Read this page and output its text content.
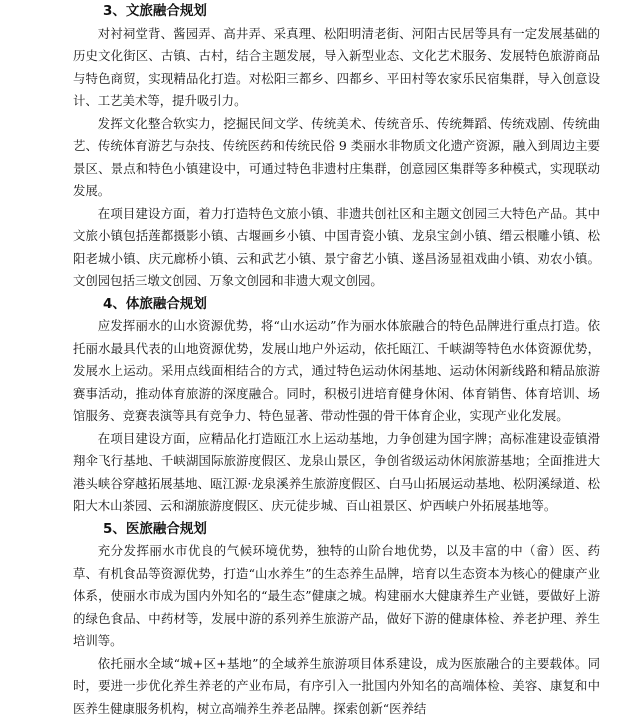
3、文旅融合规划

对衬祠堂背、酱园弄、高井弄、采真理、松阳明清老街、河阳古民居等具有一定发展基础的历史文化街区、古镇、古村，结合主题发展，导入新型业态、文化艺术服务、发展特色旅游商品与特色商贸，实现精品化打造。对松阳三都乡、四都乡、平田村等农家乐民宿集群，导入创意设计、工艺美术等，提升吸引力。

发挥文化整合软实力，挖掘民间文学、传统美术、传统音乐、传统舞蹈、传统戏剧、传统曲艺、传统体育游艺与杂技、传统医药和传统民俗 9 类丽水非物质文化遗产资源，融入到周边主要景区、景点和特色小镇建设中，可通过特色非遗村庄集群，创意园区集群等多种模式，实现联动发展。

在项目建设方面，着力打造特色文旅小镇、非遗共创社区和主题文创园三大特色产品。其中文旅小镇包括莲都摄影小镇、古堰画乡小镇、中国青瓷小镇、龙泉宝剑小镇、缙云根雕小镇、松阳老城小镇、庆元廊桥小镇、云和武艺小镇、景宁畲艺小镇、遂昌汤显祖戏曲小镇、劝农小镇。文创园包括三墩文创园、万象文创园和非遗大观文创园。

4、体旅融合规划

应发挥丽水的山水资源优势，将“山水运动”作为丽水体旅融合的特色品牌进行重点打造。依托丽水最具代表的山地资源优势，发展山地户外运动，依托瓯江、千峡湖等特色水体资源优势，发展水上运动。采用点线面相结合的方式，通过特色运动休闲基地、运动休闲新线路和精品旅游赛事活动，推动体育旅游的深度融合。同时，积极引进培育健身休闲、体育销售、体育培训、场馆服务、竞赛表演等具有竞争力、特色显著、带动性强的骨干体育企业，实现产业化发展。

在项目建设方面，应精品化打造瓯江水上运动基地，力争创建为国字牌；高标准建设壶镇滑翔伞飞行基地、千峡湖国际旅游度假区、龙泉山景区，争创省级运动休闲旅游基地；全面推进大港头峡谷穿越拓展基地、瓯江源·龙泉溪养生旅游度假区、白马山拓展运动基地、松阴溪绿道、松阳大木山茶园、云和湖旅游度假区、庆元徒步城、百山祖景区、炉西峡户外拓展基地等。

5、医旅融合规划

充分发挥丽水市优良的气候环境优势，独特的山阶台地优势，以及丰富的中（畲）医、药草、有机食品等资源优势，打造“山水养生”的生态养生品牌，培育以生态资本为核心的健康产业体系，使丽水市成为国内外知名的“最生态”健康之城。构建丽水大健康养生产业链，要做好上游的绿色食品、中药材等，发展中游的系列养生旅游产品，做好下游的健康体检、养老护理、养生培训等。

依托丽水全域“城+区+基地”的全域养生旅游项目体系建设，成为医旅融合的主要载体。同时，要进一步优化养生养老的产业布局，有序引入一批国内外知名的高端体检、美容、康复和中医养生健康服务机构，树立高端养生养老品牌。探索创新“医养结
